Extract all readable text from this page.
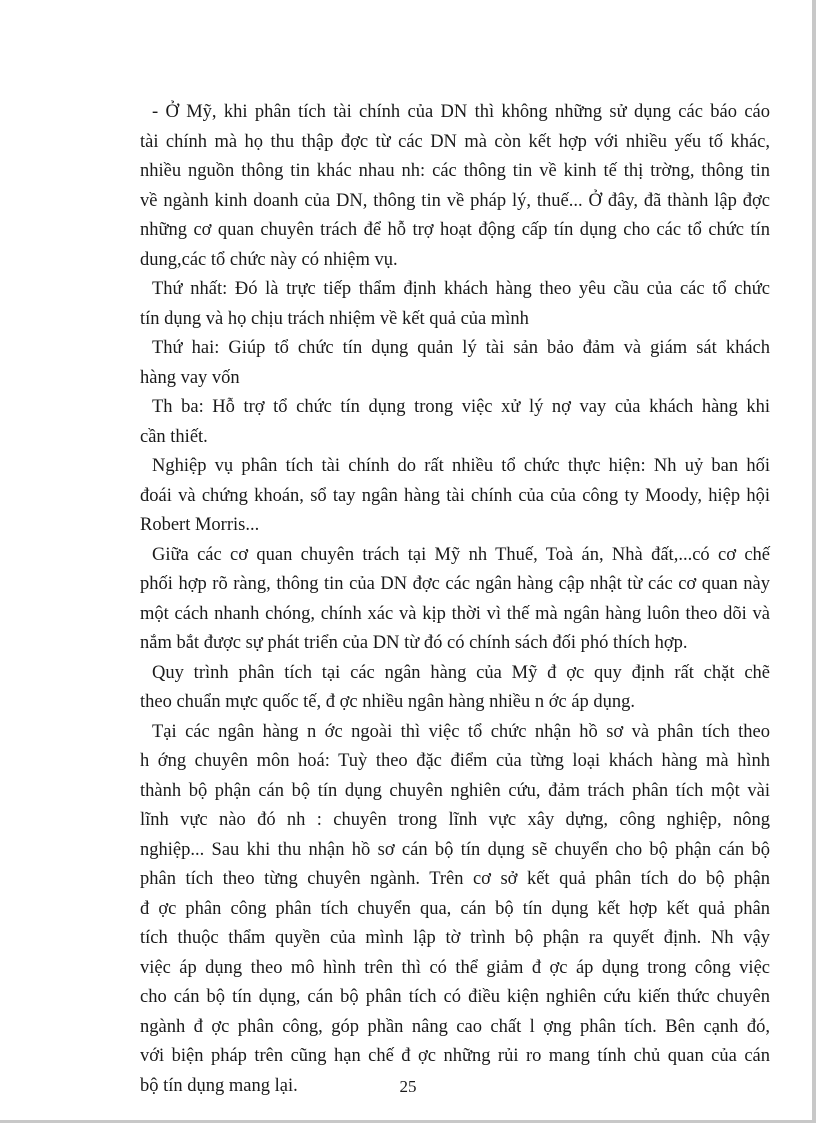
- Ở Mỹ, khi phân tích tài chính của DN thì không những sử dụng các báo cáo
tài chính mà họ thu thập đợc từ các DN mà còn kết hợp với nhiều yếu tố khác,
nhiều nguồn thông tin khác nhau nh: các thông tin về kinh tế thị trờng, thông tin
về ngành kinh doanh của DN, thông tin về pháp lý, thuế... Ở đây, đã thành lập đợc
những cơ quan chuyên trách để hỗ trợ hoạt động cấp tín dụng cho các tổ chức tín
dung,các tổ chức này có nhiệm vụ.

Thứ nhất: Đó là trực tiếp thẩm định khách hàng theo yêu cầu của các tổ chức
tín dụng và họ chịu trách nhiệm về kết quả của mình

Thứ hai: Giúp tổ chức tín dụng quản lý tài sản bảo đảm và giám sát khách
hàng vay vốn

Th ba: Hỗ trợ tổ chức tín dụng trong việc xử lý nợ vay của khách hàng khi
cần thiết.

Nghiệp vụ phân tích tài chính do rất nhiều tổ chức thực hiện: Nh uỷ ban hối
đoái và chứng khoán, sổ tay ngân hàng tài chính của của công ty Moody, hiệp hội
Robert Morris...

Giữa các cơ quan chuyên trách tại Mỹ nh Thuế, Toà án, Nhà đất,...có cơ chế
phối hợp rõ ràng, thông tin của DN đợc các ngân hàng cập nhật từ các cơ quan này
một cách nhanh chóng, chính xác và kịp thời vì thế mà ngân hàng luôn theo dõi và
nắm bắt được sự phát triển của DN từ đó có chính sách đối phó thích hợp.

Quy trình phân tích tại các ngân hàng của Mỹ đ ợc quy định rất chặt chẽ
theo chuẩn mực quốc tế, đ ợc nhiều ngân hàng nhiều n ớc áp dụng.

Tại các ngân hàng n ớc ngoài thì việc tổ chức nhận hồ sơ và phân tích theo
h ớng chuyên môn hoá: Tuỳ theo đặc điểm của từng loại khách hàng mà hình
thành bộ phận cán bộ tín dụng chuyên nghiên cứu, đảm trách phân tích một vài
lĩnh vực nào đó nh : chuyên trong lĩnh vực xây dựng, công nghiệp, nông
nghiệp... Sau khi thu nhận hồ sơ cán bộ tín dụng sẽ chuyển cho bộ phận cán bộ
phân tích theo từng chuyên ngành. Trên cơ sở kết quả phân tích do bộ phận
đ ợc phân công phân tích chuyển qua, cán bộ tín dụng kết hợp kết quả phân
tích thuộc thẩm quyền của mình lập tờ trình bộ phận ra quyết định. Nh vậy
việc áp dụng theo mô hình trên thì có thể giảm đ ợc áp dụng trong công việc
cho cán bộ tín dụng, cán bộ phân tích có điều kiện nghiên cứu kiến thức chuyên
ngành đ ợc phân công, góp phần nâng cao chất l ợng phân tích. Bên cạnh đó,
với biện pháp trên cũng hạn chế đ ợc những rủi ro mang tính chủ quan của cán
bộ tín dụng mang lại.	25
